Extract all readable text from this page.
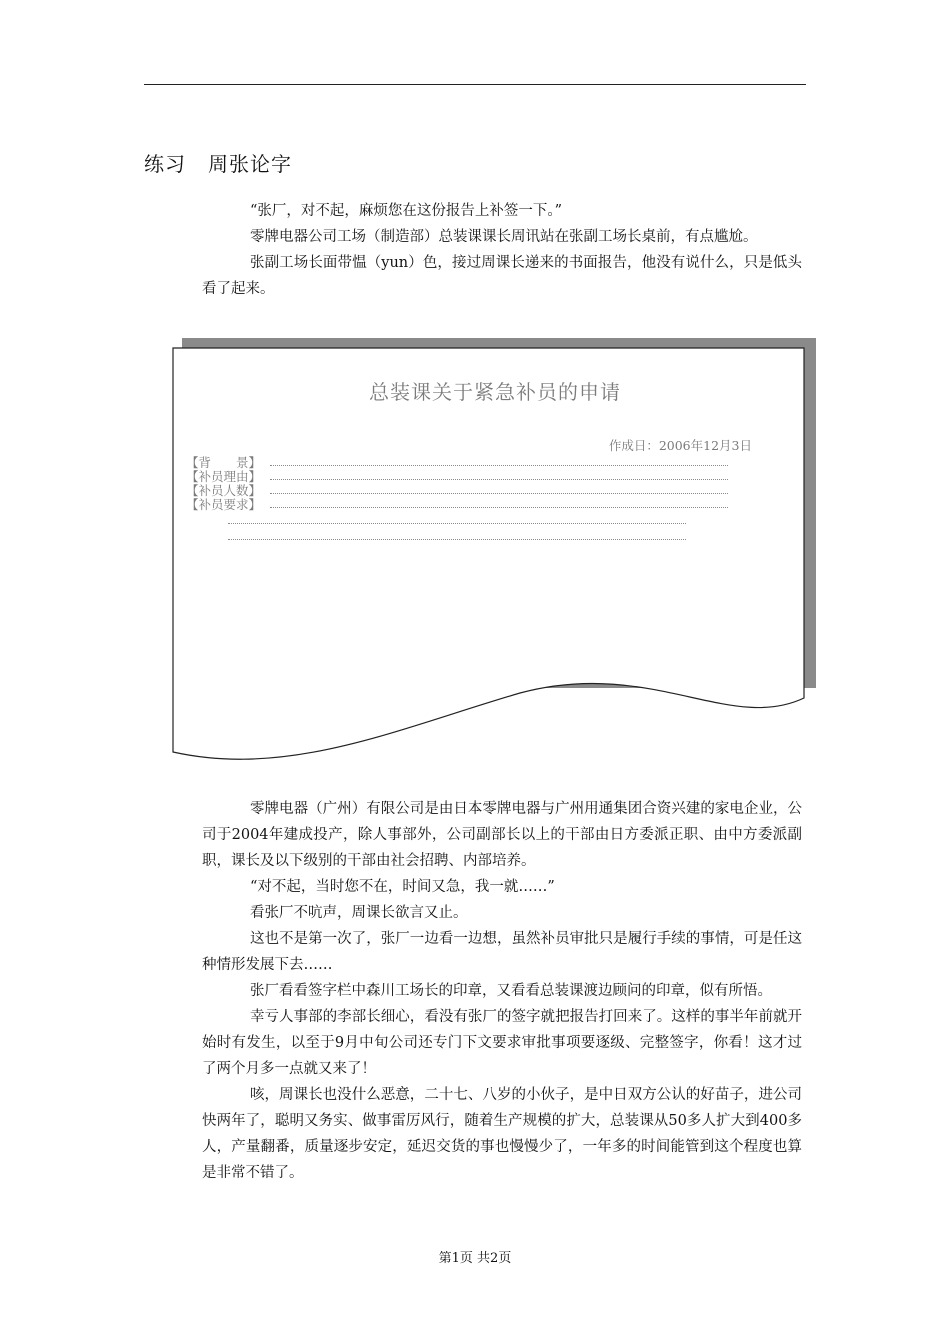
练习 周张论字

“张厂，对不起，麻烦您在这份报告上补签一下。”

零牌电器公司工场（制造部）总装课课长周讯站在张副工场长桌前，有点尴尬。

张副工场长面带愠（yun）色，接过周课长递来的书面报告，他没有说什么，只是低头看了起来。

总装课关于紧急补员的申请
作成日：2006年12月3日
【背　　景】
【补员理由】
【补员人数】
【补员要求】

零牌电器（广州）有限公司是由日本零牌电器与广州用通集团合资兴建的家电企业，公司于2004年建成投产，除人事部外，公司副部长以上的干部由日方委派正职、由中方委派副职，课长及以下级别的干部由社会招聘、内部培养。

“对不起，当时您不在，时间又急，我一就……”

看张厂不吭声，周课长欲言又止。

这也不是第一次了，张厂一边看一边想，虽然补员审批只是履行手续的事情，可是任这种情形发展下去……

张厂看看签字栏中森川工场长的印章，又看看总装课渡边顾问的印章，似有所悟。

幸亏人事部的李部长细心，看没有张厂的签字就把报告打回来了。这样的事半年前就开始时有发生，以至于9月中旬公司还专门下文要求审批事项要逐级、完整签字，你看！这才过了两个月多一点就又来了！

咳，周课长也没什么恶意，二十七、八岁的小伙子，是中日双方公认的好苗子，进公司快两年了，聪明又务实、做事雷厉风行，随着生产规模的扩大，总装课从50多人扩大到400多人，产量翻番，质量逐步安定，延迟交货的事也慢慢少了，一年多的时间能管到这个程度也算是非常不错了。

第1页 共2页
